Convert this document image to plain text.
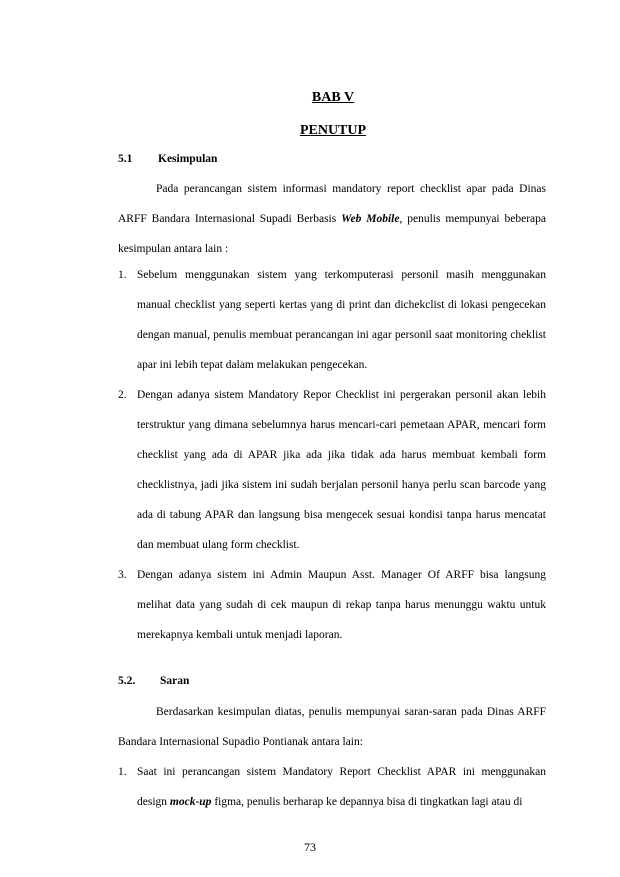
BAB V
PENUTUP
5.1 Kesimpulan

Pada perancangan sistem informasi mandatory report checklist apar pada Dinas ARFF Bandara Internasional Supadi Berbasis Web Mobile, penulis mempunyai beberapa kesimpulan antara lain :

1. Sebelum menggunakan sistem yang terkomputerasi personil masih menggunakan manual checklist yang seperti kertas yang di print dan dichekclist di lokasi pengecekan dengan manual, penulis membuat perancangan ini agar personil saat monitoring cheklist apar ini lebih tepat dalam melakukan pengecekan.
2. Dengan adanya sistem Mandatory Repor Checklist ini pergerakan personil akan lebih terstruktur yang dimana sebelumnya harus mencari-cari pemetaan APAR, mencari form checklist yang ada di APAR jika ada jika tidak ada harus membuat kembali form checklistnya, jadi jika sistem ini sudah berjalan personil hanya perlu scan barcode yang ada di tabung APAR dan langsung bisa mengecek sesuai kondisi tanpa harus mencatat dan membuat ulang form checklist.
3. Dengan adanya sistem ini Admin Maupun Asst. Manager Of ARFF bisa langsung melihat data yang sudah di cek maupun di rekap tanpa harus menunggu waktu untuk merekapnya kembali untuk menjadi laporan.
5.2. Saran

Berdasarkan kesimpulan diatas, penulis mempunyai saran-saran pada Dinas ARFF Bandara Internasional Supadio Pontianak antara lain:

1. Saat ini perancangan sistem Mandatory Report Checklist APAR ini menggunakan design mock-up figma, penulis berharap ke depannya bisa di tingkatkan lagi atau di
73
